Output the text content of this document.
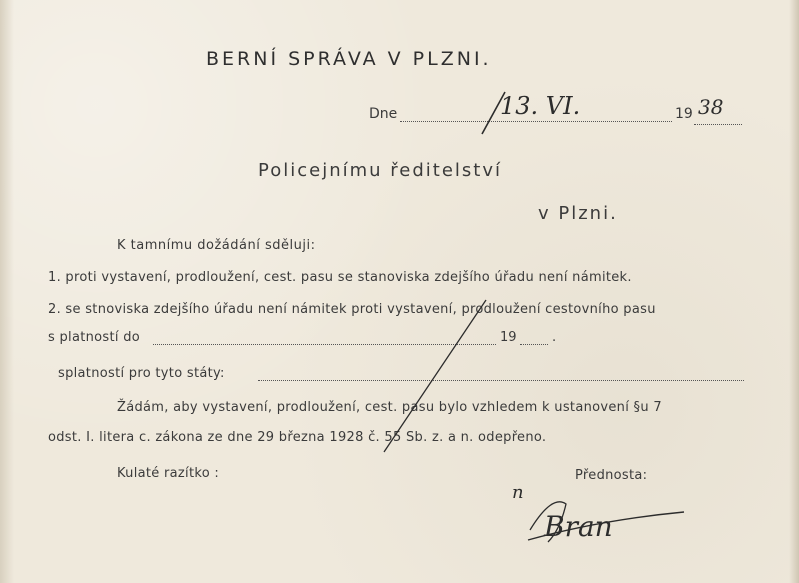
BERNÍ SPRÁVA V PLZNI.
Dne	13. VI.	19 38
Policejnímu ředitelství
v Plzni.
K tamnímu dožádání sděluji:
1. proti vystavení, prodloužení, cest. pasu se stanoviska zdejšího úřadu není námitek.
2. se stnoviska zdejšího úřadu není námitek proti vystavení, prodloužení cestovního pasu
s platností do	19	.
splatností pro tyto státy:
Žádám, aby vystavení, prodloužení, cest. pasu bylo vzhledem k ustanovení §u 7
odst. I. litera c. zákona ze dne 29 března 1928 č. 55 Sb. z. a n. odepřeno.
Kulaté razítko :	Přednosta:
n
Bran
